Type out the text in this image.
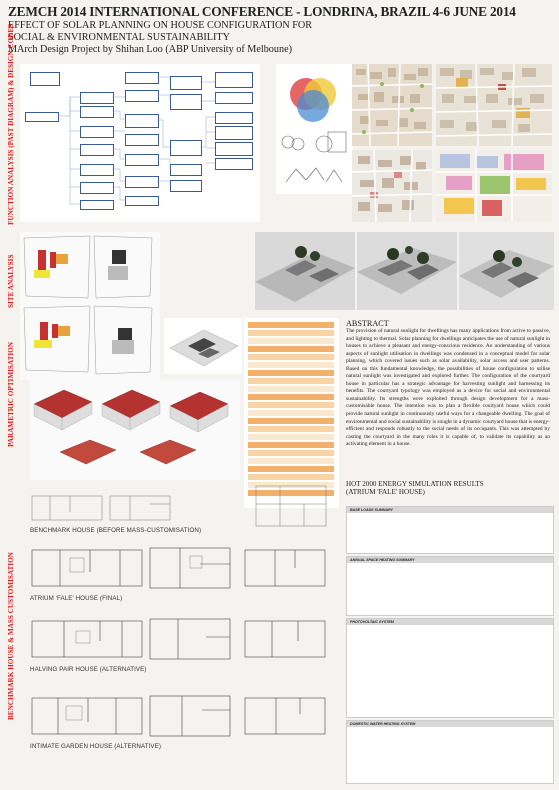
ZEMCH 2014 INTERNATIONAL CONFERENCE - LONDRINA, BRAZIL 4-6 JUNE 2014
EFFECT OF SOLAR PLANNING ON HOUSE CONFIGURATION FOR
SOCIAL & ENVIRONMENTAL SUSTAINABILITY
MArch Design Project by Shihan Loo (ABP University of Melboune)
FUNCTION ANALYSIS (PAST DIAGRAM) & DESIGN CODES
SITE ANALYSIS
PARAMETRIC OPTIMISATION
BENCHMARK HOUSE & MASS CUSTOMISATION
ABSTRACT
The provision of natural sunlight for dwellings has many applications from active to passive, and lighting to thermal. Solar planning for dwellings anticipates the use of natural sunlight in houses to achieve a pleasant and energy-conscious residence. An understanding of various aspects of sunlight utilisation in dwellings was condensed in a conceptual model for solar planning, which covered issues such as solar availability, solar access and user patterns. Based on this fundamental knowledge, the possibilities of house configuration to utilise natural sunlight was investigated and explored further. The configuration of the courtyard house in particular has a strategic advantage for harvesting sunlight and harnessing its benefits. The courtyard typology was employed as a device for social and environmental sustainability. Its strengths were exploited through design development for a mass-customisable house. The intention was to plan a flexible courtyard house which could provide natural sunlight in continuously useful ways for a changeable dwelling. The goal of environmental and social sustainability is sought in a dynamic courtyard house that is energy-efficient and responds robustly to the social needs of its occupants. This was attempted by casting the courtyard in the many roles it is capable of, to validate its capability as an activating element in a house.
HOT 2000 ENERGY SIMULATION RESULTS
(ATRIUM 'FALE' HOUSE)
BASE LOADS SUMMARY
ANNUAL SPACE HEATING SUMMARY
PHOTOVOLTAIC SYSTEM
DOMESTIC WATER HEATING SYSTEM
BENCHMARK HOUSE (BEFORE MASS-CUSTOMISATION)
ATRIUM 'FALE' HOUSE (FINAL)
HALVING PAIR HOUSE (ALTERNATIVE)
INTIMATE GARDEN HOUSE (ALTERNATIVE)
